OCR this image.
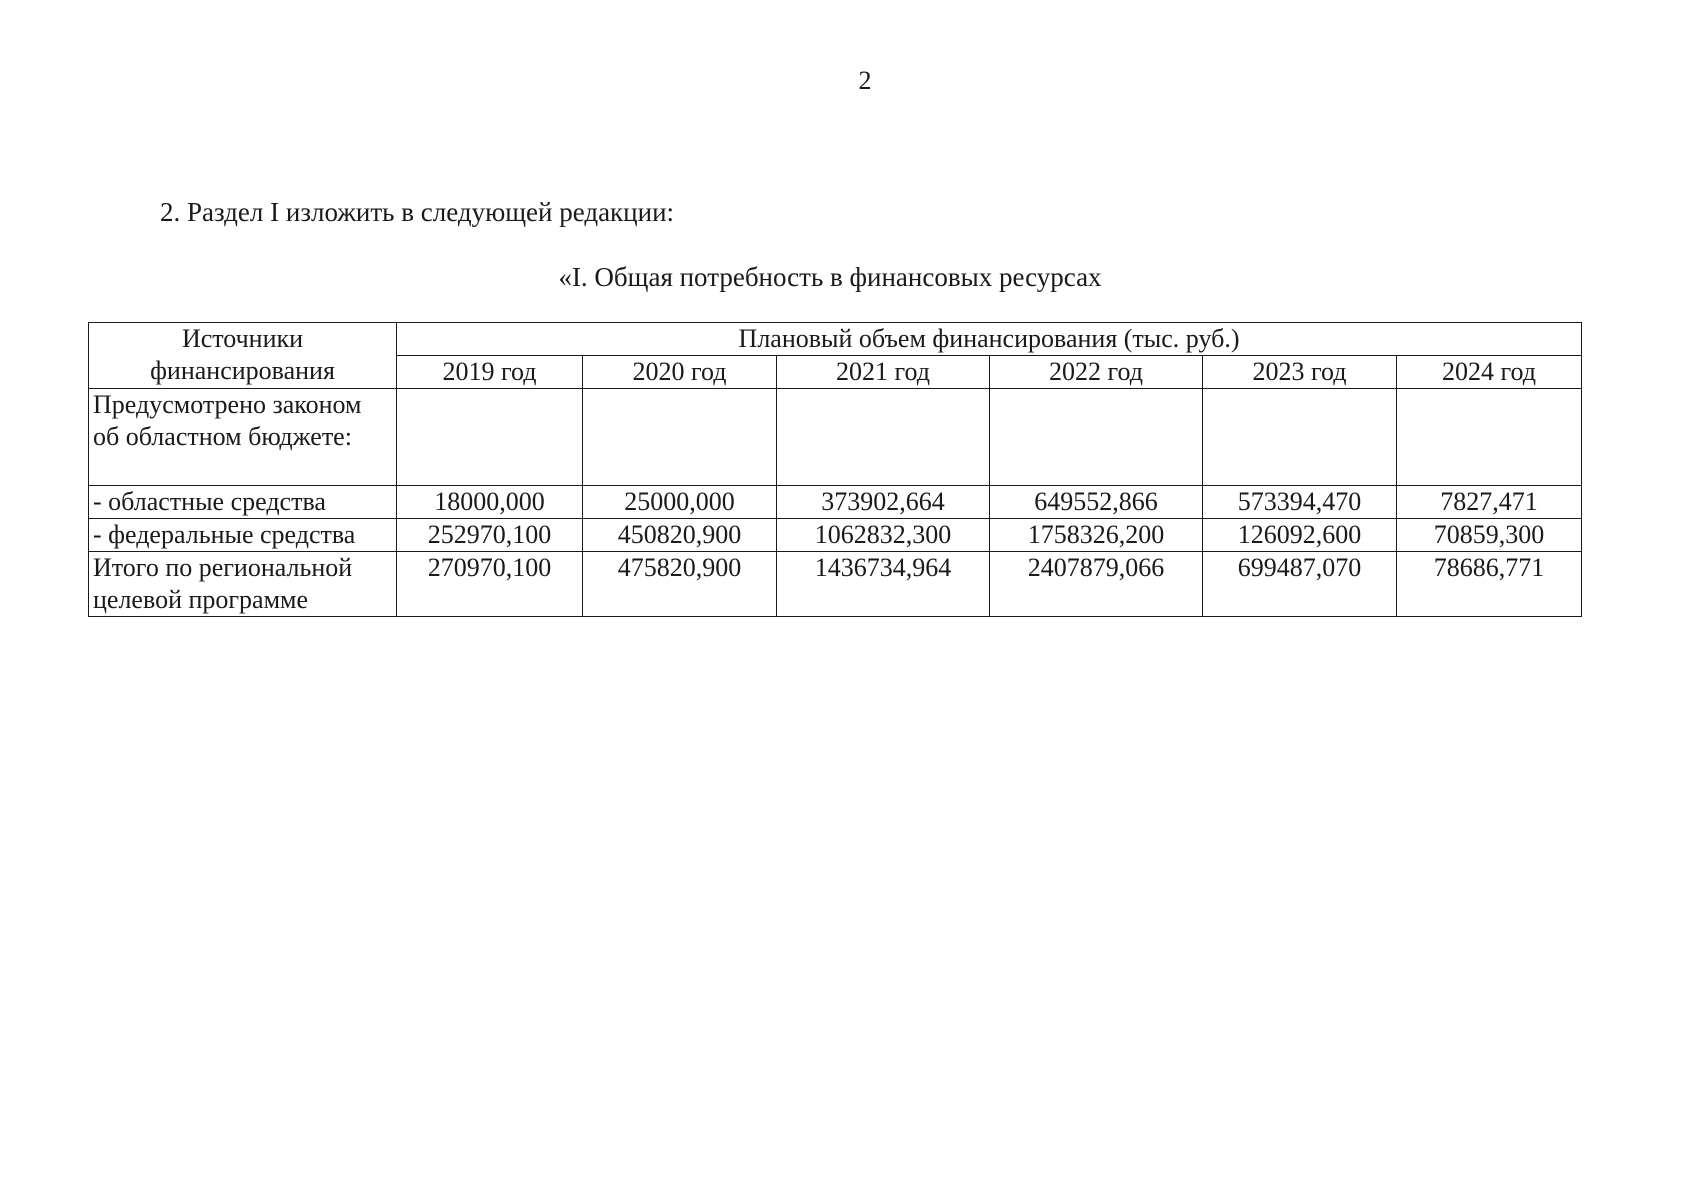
2
2. Раздел I изложить в следующей редакции:
«I. Общая потребность в финансовых ресурсах
Источники финансирования	Плановый объем финансирования (тыс. руб.)					
	2019 год	2020 год	2021 год	2022 год	2023 год	2024 год
Предусмотрено законом об областном бюджете:						
- областные средства	18000,000	25000,000	373902,664	649552,866	573394,470	7827,471
- федеральные средства	252970,100	450820,900	1062832,300	1758326,200	126092,600	70859,300
Итого по региональной целевой программе	270970,100	475820,900	1436734,964	2407879,066	699487,070	78686,771
